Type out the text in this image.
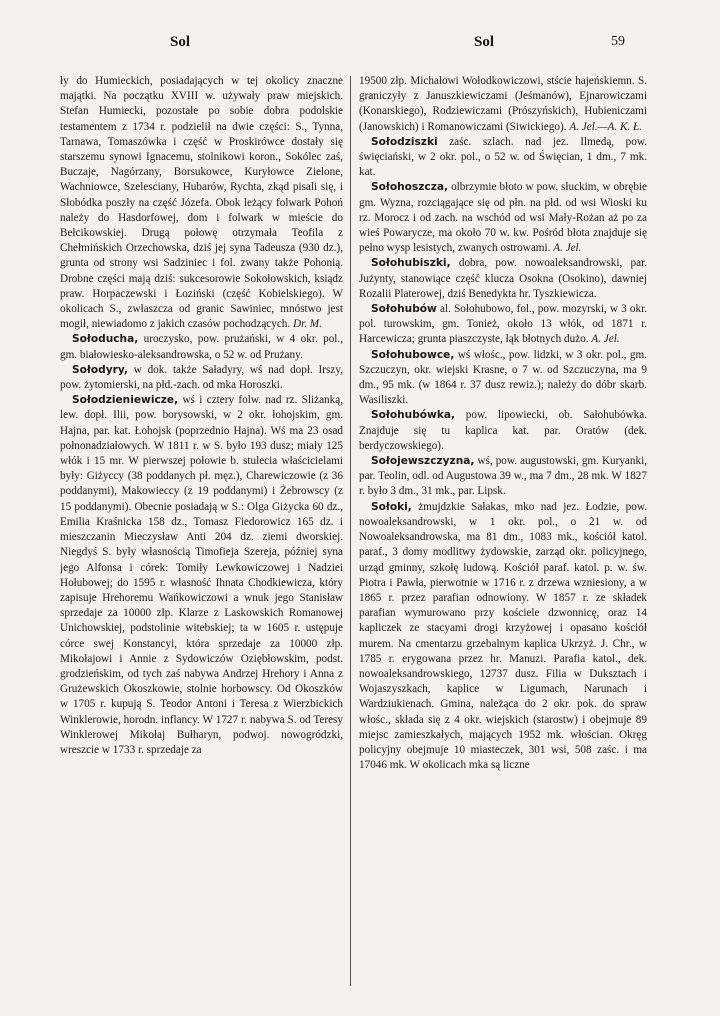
Sol	Sol	59

ły do Humieckich, posiadających w tej okolicy znaczne majątki. Na początku XVIII w. używały praw miejskich. Stefan Humiecki, pozostałe po sobie dobra podolskie testamentem z 1734 r. podzielił na dwie części: S., Tynna, Tarnawa, Tomaszówka i część w Proskirówce dostały się starszemu synowi Ignacemu, stolnikowi koron., Sokólec zaś, Buczaje, Nagórzany, Borsukowce, Kuryłowce Zielone, Wachniowce, Szelesciany, Hubarów, Rychta, zkąd pisali się, i Słobódka poszły na część Józefa. Obok leżący folwark Pohoń należy do Hasdorfowej, dom i folwark w mieście do Bełcikowskiej. Drugą połowę otrzymała Teofila z Chełmińskich Orzechowska, dziś jej syna Tadeusza (930 dz.), grunta od strony wsi Sadziniec i fol. zwany także Pohonią. Drobne części mają dziś: sukcesorowie Sokołowskich, ksiądz praw. Horpaczewski i Łoziński (część Kobielskiego). W okolicach S., zwłaszcza od granic Sawiniec, mnóstwo jest mogił, niewiadomo z jakich czasów pochodzących. Dr. M.

Sołoducha, uroczysko, pow. prużański, w 4 okr. pol., gm. białowiesko-aleksandrowska, o 52 w. od Prużany.

Sołodyry, w dok. także Saładyry, wś nad dopł. Irszy, pow. żytomierski, na płd.-zach. od mka Horoszki.

Sołodzieniewicze, wś i cztery folw. nad rz. Sliżanką, lew. dopł. Ilii, pow. borysowski, w 2 okr. łohojskim, gm. Hajna, par. kat. Łohojsk (poprzednio Hajna). Wś ma 23 osad połnonadziałowych. W 1811 r. w S. było 193 dusz; miały 125 włók i 15 mr. W pierwszej połowie b. stulecia właścicielami były: Giżyccy (38 poddanych pł. męz.), Charewiczowie (z 36 poddanymi), Makowieccy (z 19 poddanymi) i Żebrowscy (z 15 poddanymi). Obecnie posiadają w S.: Olga Giżycka 60 dz., Emilia Kraśnicka 158 dz., Tomasz Fiedorowicz 165 dz. i mieszczanin Mieczysław Anti 204 dz. ziemi dworskiej. Niegdyś S. były własnością Timofieja Szereja, później syna jego Alfonsa i córek: Tomiły Lewkowiczowej i Nadziei Hołubowej; do 1595 r. własność Ihnata Chodkiewicza, który zapisuje Hrehoremu Wańkowiczowi a wnuk jego Stanisław sprzedaje za 10000 złp. Klarze z Laskowskich Romanowej Unichowskiej, podstolinie witebskiej; ta w 1605 r. ustępuje córce swej Konstancyi, która sprzedaje za 10000 złp. Mikołajowi i Annie z Sydowiczów Oziębłowskim, podst. grodzieńskim, od tych zaś nabywa Andrzej Hrehory i Anna z Grużewskich Okoszkowie, stolnie horbowscy. Od Okoszków w 1705 r. kupują S. Teodor Antoni i Teresa z Wierzbickich Winklerowie, horodn. inflancy. W 1727 r. nabywa S. od Teresy Winklerowej Mikołaj Bułharyn, podwoj. nowogródzki, wreszcie w 1733 r. sprzedaje za

19500 złp. Michałowi Wołodkowiczowi, stście hajeńskiemn. S. graniczyły z Januszkiewiczami (Jeśmanów), Ejnarowiczami (Konarskiego), Rodziewiczami (Prószyńskich), Hubieniczami (Janowskich) i Romanowiczami (Siwickiego). A. Jel.—A. K. Ł.

Sołodziszki zaśc. szlach. nad jez. Ilmedą, pow. święciański, w 2 okr. pol., o 52 w. od Święcian, 1 dm., 7 mk. kat.

Sołohoszcza, olbrzymie błoto w pow. słuckim, w obrębie gm. Wyzna, rozciągające się od płn. na płd. od wsi Wioski ku rz. Morocz i od zach. na wschód od wsi Mały-Rożan aż po za wieś Powarycze, ma około 70 w. kw. Pośród błota znajduje się pełno wysp lesistych, zwanych ostrowami. A. Jel.

Sołohubiszki, dobra, pow. nowoaleksandrowski, par. Jużynty, stanowiące część klucza Osokna (Osokino), dawniej Rozalii Platerowej, dziś Benedykta hr. Tyszkiewicza.

Sołohubów al. Sołohubowo, fol., pow. mozyrski, w 3 okr. pol. turowskim, gm. Tonież, około 13 włók, od 1871 r. Harcewicza; grunta piaszczyste, łąk błotnych dużo. A. Jel.

Sołohubowce, wś włośc., pow. lidzki, w 3 okr. pol., gm. Szczuczyn, okr. wiejski Krasne, o 7 w. od Szczuczyna, ma 9 dm., 95 mk. (w 1864 r. 37 dusz rewiz.); należy do dóbr skarb. Wasiliszki.

Sołohubówka, pow. lipowiecki, ob. Sałohubówka. Znajduje się tu kaplica kat. par. Oratów (dek. berdyczowskiego).

Sołojewszczyzna, wś, pow. augustowski, gm. Kuryanki, par. Teolin, odl. od Augustowa 39 w., ma 7 dm., 28 mk. W 1827 r. było 3 dm., 31 mk., par. Lipsk.

Sołoki, żmujdzkie Sałakas, mko nad jez. Łodzie, pow. nowoaleksandrowski, w 1 okr. pol., o 21 w. od Nowoaleksandrowska, ma 81 dm., 1083 mk., kościół katol. paraf., 3 domy modlitwy żydowskie, zarząd okr. policyjnego, urząd gminny, szkołę ludową. Kościół paraf. katol. p. w. św. Piotra i Pawła, pierwotnie w 1716 r. z drzewa wzniesiony, a w 1865 r. przez parafian odnowiony. W 1857 r. ze składek parafian wymurowano przy kościele dzwonnicę, oraz 14 kapliczek ze stacyami drogi krzyżowej i opasano kościół murem. Na cmentarzu grzebalnym kaplica Ukrzyż. J. Chr., w 1785 r. erygowana przez hr. Manuzi. Parafia katol., dek. nowoaleksandrowskiego, 12737 dusz. Filia w Duksztach i Wojaszyszkach, kaplice w Ligumach, Narunach i Wardziukienach. Gmina, należąca do 2 okr. pok. do spraw włośc., składa się z 4 okr. wiejskich (starostw) i obejmuje 89 miejsc zamieszkałych, mających 1952 mk. włościan. Okręg policyjny obejmuje 10 miasteczek, 301 wsi, 508 zaśc. i ma 17046 mk. W okolicach mka są liczne
